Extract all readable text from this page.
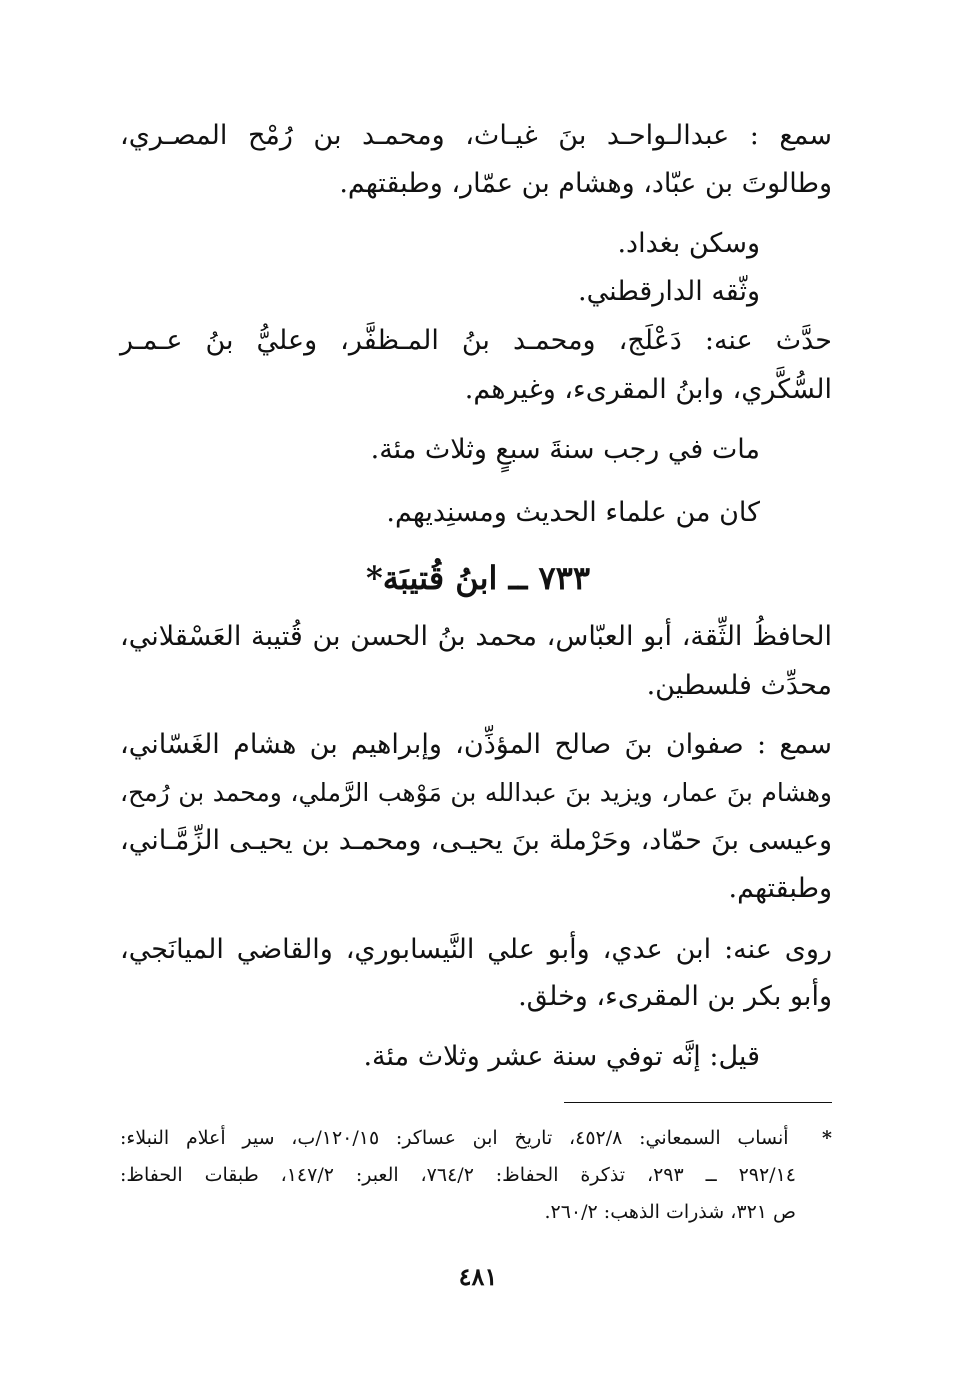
سمع : عبدالـواحـد بنَ غيـاث، ومحمـد بن رُمْح المصـري،
وطالوتَ بن عبّاد، وهشام بن عمّار، وطبقتهم.
وسكن بغداد.
وثّقه الدارقطني.
حدَّث عنه: دَعْلَج، ومحمـد بنُ المـظفَّر، وعليُّ بنُ عـمـر
السُّكَّري، وابنُ المقرىء، وغيرهم.
مات في رجب سنةَ سبعٍ وثلاث مئة.
كان من علماء الحديث ومسنِديهم.
٧٣٣ ــ ابنُ قُتيبَة*
الحافظُ الثِّقة، أبو العبّاس، محمد بنُ الحسن بن قُتيبة العَسْقلاني،
محدِّث فلسطين.
سمع : صفوان بنَ صالح المؤذِّن، وإبراهيم بن هشام الغَسّاني،
وهشام بنَ عمار، ويزيد بنَ عبدالله بن مَوْهب الرَّملي، ومحمد بن رُمح،
وعيسى بنَ حمّاد، وحَرْملة بنَ يحيـى، ومحمـد بن يحيـى الزِّمَّـاني،
وطبقتهم.
روى عنه: ابن عدي، وأبو علي النَّيسابوري، والقاضي الميانَجي،
وأبو بكر بن المقرىء، وخلق.
قيل: إنَّه توفي سنة عشر وثلاث مئة.
*  أنساب السمعاني: ٤٥٢/٨، تاريخ ابن عساكر: ١٢٠/١٥/ب، سير أعلام النبلاء:
٢٩٢/١٤ ــ ٢٩٣، تذكرة الحفاظ: ٧٦٤/٢، العبر: ١٤٧/٢، طبقات الحفاظ:
ص ٣٢١، شذرات الذهب: ٢٦٠/٢.
٤٨١
